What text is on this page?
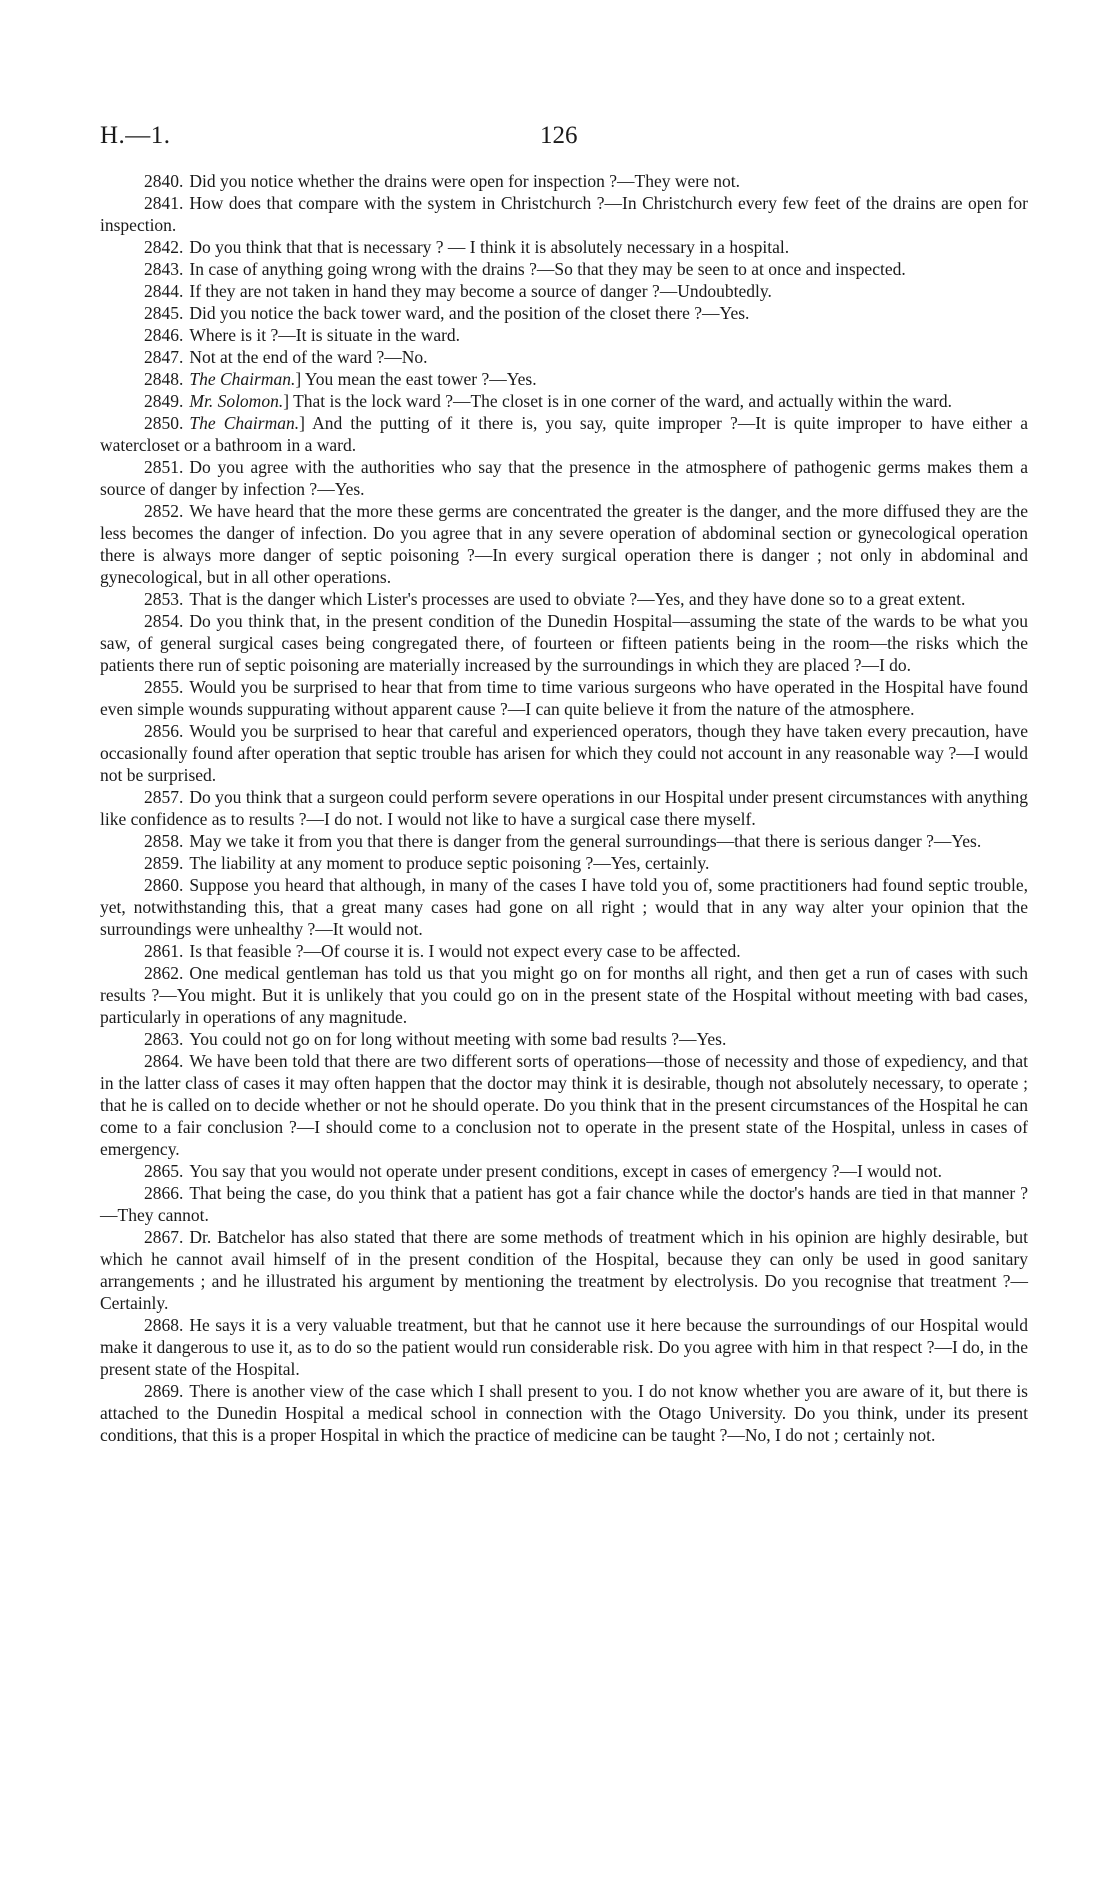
H.—1.	126

2840. Did you notice whether the drains were open for inspection ?—They were not.

2841. How does that compare with the system in Christchurch ?—In Christchurch every few feet of the drains are open for inspection.

2842. Do you think that that is necessary ? — I think it is absolutely necessary in a hospital.

2843. In case of anything going wrong with the drains ?—So that they may be seen to at once and inspected.

2844. If they are not taken in hand they may become a source of danger ?—Undoubtedly.

2845. Did you notice the back tower ward, and the position of the closet there ?—Yes.

2846. Where is it ?—It is situate in the ward.

2847. Not at the end of the ward ?—No.

2848. The Chairman.] You mean the east tower ?—Yes.

2849. Mr. Solomon.] That is the lock ward ?—The closet is in one corner of the ward, and actually within the ward.

2850. The Chairman.] And the putting of it there is, you say, quite improper ?—It is quite improper to have either a watercloset or a bathroom in a ward.

2851. Do you agree with the authorities who say that the presence in the atmosphere of pathogenic germs makes them a source of danger by infection ?—Yes.

2852. We have heard that the more these germs are concentrated the greater is the danger, and the more diffused they are the less becomes the danger of infection. Do you agree that in any severe operation of abdominal section or gynecological operation there is always more danger of septic poisoning ?—In every surgical operation there is danger ; not only in abdominal and gynecological, but in all other operations.

2853. That is the danger which Lister's processes are used to obviate ?—Yes, and they have done so to a great extent.

2854. Do you think that, in the present condition of the Dunedin Hospital—assuming the state of the wards to be what you saw, of general surgical cases being congregated there, of fourteen or fifteen patients being in the room—the risks which the patients there run of septic poisoning are materially increased by the surroundings in which they are placed ?—I do.

2855. Would you be surprised to hear that from time to time various surgeons who have operated in the Hospital have found even simple wounds suppurating without apparent cause ?—I can quite believe it from the nature of the atmosphere.

2856. Would you be surprised to hear that careful and experienced operators, though they have taken every precaution, have occasionally found after operation that septic trouble has arisen for which they could not account in any reasonable way ?—I would not be surprised.

2857. Do you think that a surgeon could perform severe operations in our Hospital under present circumstances with anything like confidence as to results ?—I do not. I would not like to have a surgical case there myself.

2858. May we take it from you that there is danger from the general surroundings—that there is serious danger ?—Yes.

2859. The liability at any moment to produce septic poisoning ?—Yes, certainly.

2860. Suppose you heard that although, in many of the cases I have told you of, some practitioners had found septic trouble, yet, notwithstanding this, that a great many cases had gone on all right ; would that in any way alter your opinion that the surroundings were unhealthy ?—It would not.

2861. Is that feasible ?—Of course it is. I would not expect every case to be affected.

2862. One medical gentleman has told us that you might go on for months all right, and then get a run of cases with such results ?—You might. But it is unlikely that you could go on in the present state of the Hospital without meeting with bad cases, particularly in operations of any magnitude.

2863. You could not go on for long without meeting with some bad results ?—Yes.

2864. We have been told that there are two different sorts of operations—those of necessity and those of expediency, and that in the latter class of cases it may often happen that the doctor may think it is desirable, though not absolutely necessary, to operate ; that he is called on to decide whether or not he should operate. Do you think that in the present circumstances of the Hospital he can come to a fair conclusion ?—I should come to a conclusion not to operate in the present state of the Hospital, unless in cases of emergency.

2865. You say that you would not operate under present conditions, except in cases of emergency ?—I would not.

2866. That being the case, do you think that a patient has got a fair chance while the doctor's hands are tied in that manner ?—They cannot.

2867. Dr. Batchelor has also stated that there are some methods of treatment which in his opinion are highly desirable, but which he cannot avail himself of in the present condition of the Hospital, because they can only be used in good sanitary arrangements ; and he illustrated his argument by mentioning the treatment by electrolysis. Do you recognise that treatment ?—Certainly.

2868. He says it is a very valuable treatment, but that he cannot use it here because the surroundings of our Hospital would make it dangerous to use it, as to do so the patient would run considerable risk. Do you agree with him in that respect ?—I do, in the present state of the Hospital.

2869. There is another view of the case which I shall present to you. I do not know whether you are aware of it, but there is attached to the Dunedin Hospital a medical school in connection with the Otago University. Do you think, under its present conditions, that this is a proper Hospital in which the practice of medicine can be taught ?—No, I do not ; certainly not.
